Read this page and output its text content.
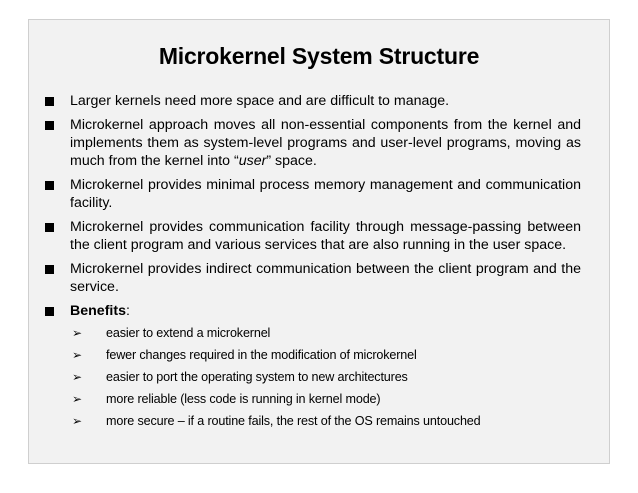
Microkernel System Structure
Larger kernels need more space and are difficult to manage.
Microkernel approach moves all non-essential components from the kernel and implements them as system-level programs and user-level programs, moving as much from the kernel into “user” space.
Microkernel provides minimal process memory management and communication facility.
Microkernel provides communication facility through message-passing between the client program and various services that are also running in the user space.
Microkernel provides indirect communication between the client program and the service.
Benefits:
➢ easier to extend a microkernel
➢ fewer changes required in the modification of microkernel
➢ easier to port the operating system to new architectures
➢ more reliable (less code is running in kernel mode)
➢ more secure – if a routine fails, the rest of the OS remains untouched
